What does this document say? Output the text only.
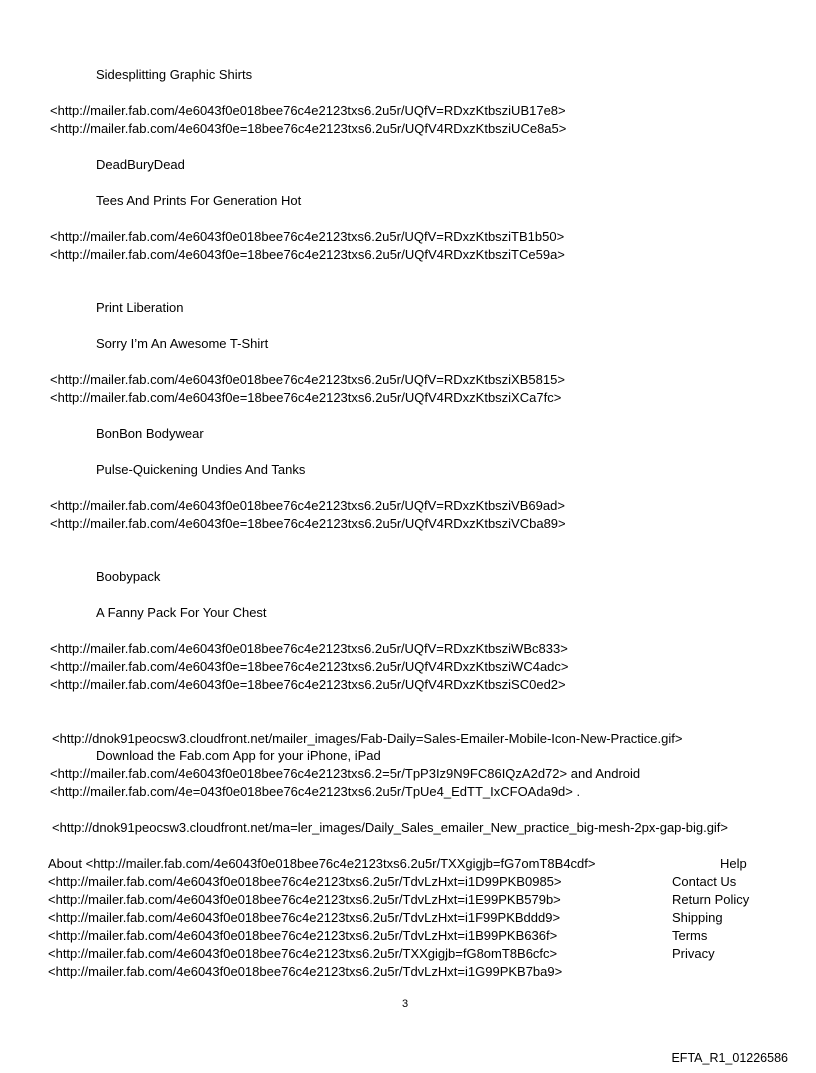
Sidesplitting Graphic Shirts
<http://mailer.fab.com/4e6043f0e018bee76c4e2123txs6.2u5r/UQfV=RDxzKtbsziUB17e8>
<http://mailer.fab.com/4e6043f0e=18bee76c4e2123txs6.2u5r/UQfV4RDxzKtbsziUCe8a5>
DeadBuryDead
Tees And Prints For Generation Hot
<http://mailer.fab.com/4e6043f0e018bee76c4e2123txs6.2u5r/UQfV=RDxzKtbsziTB1b50>
<http://mailer.fab.com/4e6043f0e=18bee76c4e2123txs6.2u5r/UQfV4RDxzKtbsziTCe59a>
Print Liberation
Sorry I’m An Awesome T-Shirt
<http://mailer.fab.com/4e6043f0e018bee76c4e2123txs6.2u5r/UQfV=RDxzKtbsziXB5815>
<http://mailer.fab.com/4e6043f0e=18bee76c4e2123txs6.2u5r/UQfV4RDxzKtbsziXCa7fc>
BonBon Bodywear
Pulse-Quickening Undies And Tanks
<http://mailer.fab.com/4e6043f0e018bee76c4e2123txs6.2u5r/UQfV=RDxzKtbsziVB69ad>
<http://mailer.fab.com/4e6043f0e=18bee76c4e2123txs6.2u5r/UQfV4RDxzKtbsziVCba89>
Boobypack
A Fanny Pack For Your Chest
<http://mailer.fab.com/4e6043f0e018bee76c4e2123txs6.2u5r/UQfV=RDxzKtbsziWBc833>
<http://mailer.fab.com/4e6043f0e=18bee76c4e2123txs6.2u5r/UQfV4RDxzKtbsziWC4adc>
<http://mailer.fab.com/4e6043f0e=18bee76c4e2123txs6.2u5r/UQfV4RDxzKtbsziSC0ed2>
<http://dnok91peocsw3.cloudfront.net/mailer_images/Fab-Daily=Sales-Emailer-Mobile-Icon-New-Practice.gif>
Download the Fab.com App for your iPhone, iPad
<http://mailer.fab.com/4e6043f0e018bee76c4e2123txs6.2=5r/TpP3Iz9N9FC86IQzA2d72> and Android
<http://mailer.fab.com/4e=043f0e018bee76c4e2123txs6.2u5r/TpUe4_EdTT_IxCFOAda9d> .
<http://dnok91peocsw3.cloudfront.net/ma=ler_images/Daily_Sales_emailer_New_practice_big-mesh-2px-gap-big.gif>
About <http://mailer.fab.com/4e6043f0e018bee76c4e2123txs6.2u5r/TXXgigjb=fG7omT8B4cdf>	Help
<http://mailer.fab.com/4e6043f0e018bee76c4e2123txs6.2u5r/TdvLzHxt=i1D99PKB0985>	Contact Us
<http://mailer.fab.com/4e6043f0e018bee76c4e2123txs6.2u5r/TdvLzHxt=i1E99PKB579b>	Return Policy
<http://mailer.fab.com/4e6043f0e018bee76c4e2123txs6.2u5r/TdvLzHxt=i1F99PKBddd9>	Shipping
<http://mailer.fab.com/4e6043f0e018bee76c4e2123txs6.2u5r/TdvLzHxt=i1B99PKB636f>	Terms
<http://mailer.fab.com/4e6043f0e018bee76c4e2123txs6.2u5r/TXXgigjb=fG8omT8B6cfc>	Privacy
<http://mailer.fab.com/4e6043f0e018bee76c4e2123txs6.2u5r/TdvLzHxt=i1G99PKB7ba9>
3
EFTA_R1_01226586
